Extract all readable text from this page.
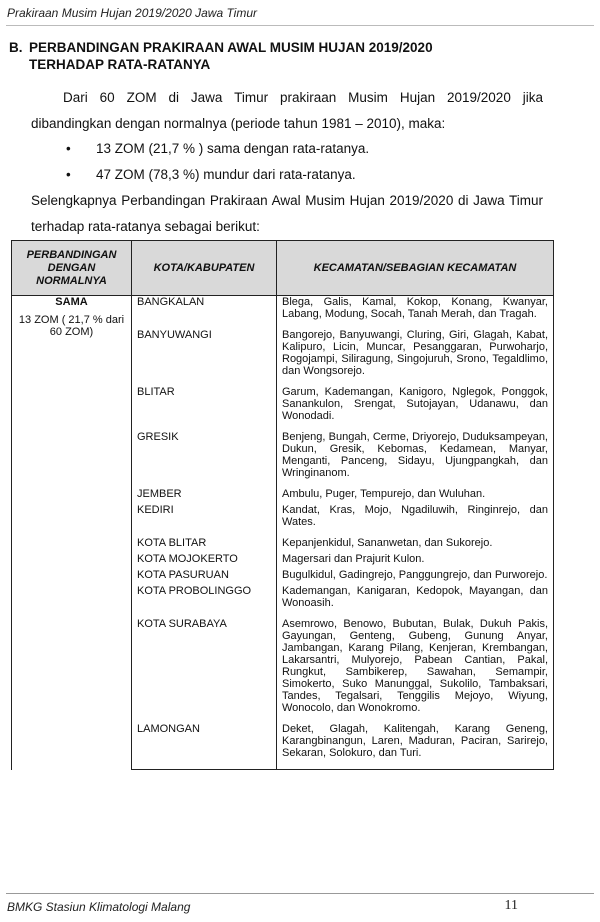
Prakiraan Musim Hujan 2019/2020 Jawa Timur
B. PERBANDINGAN PRAKIRAAN AWAL MUSIM HUJAN 2019/2020
TERHADAP RATA-RATANYA
Dari 60 ZOM di Jawa Timur prakiraan Musim Hujan 2019/2020 jika dibandingkan dengan normalnya (periode tahun 1981 – 2010), maka:
• 13 ZOM (21,7 % ) sama dengan rata-ratanya.
• 47 ZOM (78,3 %) mundur dari rata-ratanya.
Selengkapnya Perbandingan Prakiraan Awal Musim Hujan 2019/2020 di Jawa Timur terhadap rata-ratanya sebagai berikut:
PERBANDINGAN DENGAN NORMALNYA	KOTA/KABUPATEN	KECAMATAN/SEBAGIAN KECAMATAN

SAMA
13 ZOM ( 21,7 % dari 60 ZOM)	BANGKALAN	Blega, Galis, Kamal, Kokop, Konang, Kwanyar, Labang, Modung, Socah, Tanah Merah, dan Tragah.
	BANYUWANGI	Bangorejo, Banyuwangi, Cluring, Giri, Glagah, Kabat, Kalipuro, Licin, Muncar, Pesanggaran, Purwoharjo, Rogojampi, Siliragung, Singojuruh, Srono, Tegaldlimo, dan Wongsorejo.
	BLITAR	Garum, Kademangan, Kanigoro, Nglegok, Ponggok, Sanankulon, Srengat, Sutojayan, Udanawu, dan Wonodadi.
	GRESIK	Benjeng, Bungah, Cerme, Driyorejo, Duduksampeyan, Dukun, Gresik, Kebomas, Kedamean, Manyar, Menganti, Panceng, Sidayu, Ujungpangkah, dan Wringinanom.
	JEMBER	Ambulu, Puger, Tempurejo, dan Wuluhan.
	KEDIRI	Kandat, Kras, Mojo, Ngadiluwih, Ringinrejo, dan Wates.
	KOTA BLITAR	Kepanjenkidul, Sananwetan, dan Sukorejo.
	KOTA MOJOKERTO	Magersari dan Prajurit Kulon.
	KOTA PASURUAN	Bugulkidul, Gadingrejo, Panggungrejo, dan Purworejo.
	KOTA PROBOLINGGO	Kademangan, Kanigaran, Kedopok, Mayangan, dan Wonoasih.
	KOTA SURABAYA	Asemrowo, Benowo, Bubutan, Bulak, Dukuh Pakis, Gayungan, Genteng, Gubeng, Gunung Anyar, Jambangan, Karang Pilang, Kenjeran, Krembangan, Lakarsantri, Mulyorejo, Pabean Cantian, Pakal, Rungkut, Sambikerep, Sawahan, Semampir, Simokerto, Suko Manunggal, Sukolilo, Tambaksari, Tandes, Tegalsari, Tenggilis Mejoyo, Wiyung, Wonocolo, dan Wonokromo.
	LAMONGAN	Deket, Glagah, Kalitengah, Karang Geneng, Karangbinangun, Laren, Maduran, Paciran, Sarirejo, Sekaran, Solokuro, dan Turi.
BMKG Stasiun Klimatologi Malang	11
